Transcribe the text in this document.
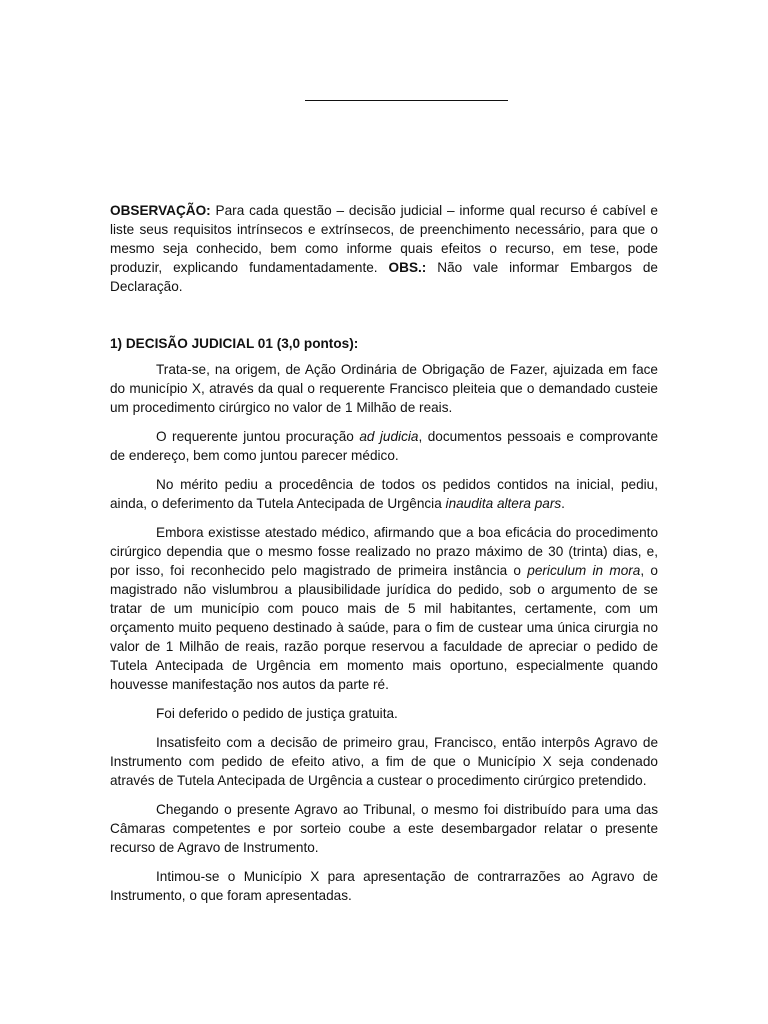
OBSERVAÇÃO: Para cada questão – decisão judicial – informe qual recurso é cabível e liste seus requisitos intrínsecos e extrínsecos, de preenchimento necessário, para que o mesmo seja conhecido, bem como informe quais efeitos o recurso, em tese, pode produzir, explicando fundamentadamente. OBS.: Não vale informar Embargos de Declaração.

1) DECISÃO JUDICIAL 01 (3,0 pontos):

Trata-se, na origem, de Ação Ordinária de Obrigação de Fazer, ajuizada em face do município X, através da qual o requerente Francisco pleiteia que o demandado custeie um procedimento cirúrgico no valor de 1 Milhão de reais.

O requerente juntou procuração ad judicia, documentos pessoais e comprovante de endereço, bem como juntou parecer médico.

No mérito pediu a procedência de todos os pedidos contidos na inicial, pediu, ainda, o deferimento da Tutela Antecipada de Urgência inaudita altera pars.

Embora existisse atestado médico, afirmando que a boa eficácia do procedimento cirúrgico dependia que o mesmo fosse realizado no prazo máximo de 30 (trinta) dias, e, por isso, foi reconhecido pelo magistrado de primeira instância o periculum in mora, o magistrado não vislumbrou a plausibilidade jurídica do pedido, sob o argumento de se tratar de um município com pouco mais de 5 mil habitantes, certamente, com um orçamento muito pequeno destinado à saúde, para o fim de custear uma única cirurgia no valor de 1 Milhão de reais, razão porque reservou a faculdade de apreciar o pedido de Tutela Antecipada de Urgência em momento mais oportuno, especialmente quando houvesse manifestação nos autos da parte ré.

Foi deferido o pedido de justiça gratuita.

Insatisfeito com a decisão de primeiro grau, Francisco, então interpôs Agravo de Instrumento com pedido de efeito ativo, a fim de que o Município X seja condenado através de Tutela Antecipada de Urgência a custear o procedimento cirúrgico pretendido.

Chegando o presente Agravo ao Tribunal, o mesmo foi distribuído para uma das Câmaras competentes e por sorteio coube a este desembargador relatar o presente recurso de Agravo de Instrumento.

Intimou-se o Município X para apresentação de contrarrazões ao Agravo de Instrumento, o que foram apresentadas.
